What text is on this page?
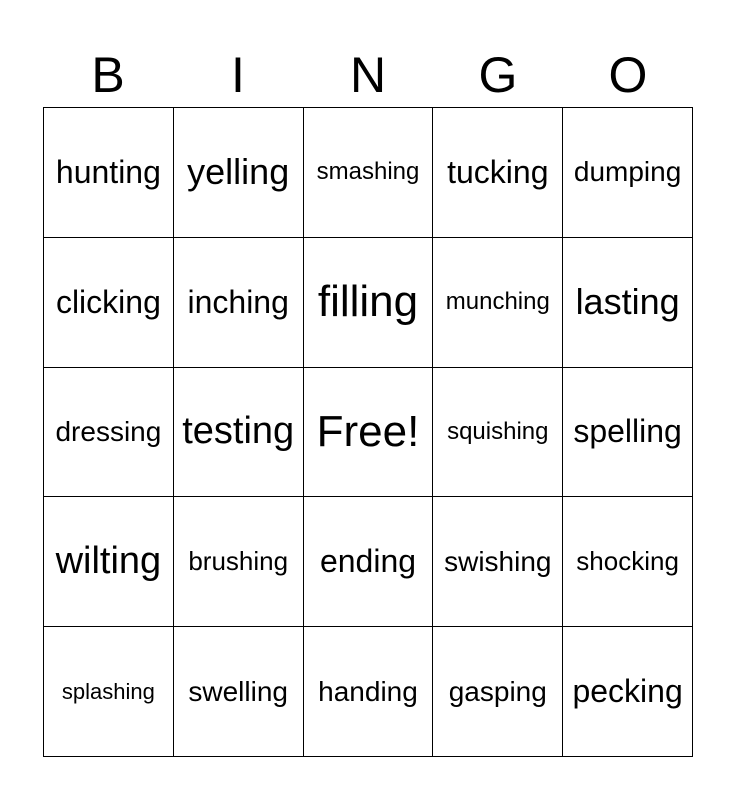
B	I	N	G	O
hunting yelling smashing tucking dumping
clicking inching filling munching lasting
dressing testing Free! squishing spelling
wilting brushing ending swishing shocking
splashing swelling handing gasping pecking
